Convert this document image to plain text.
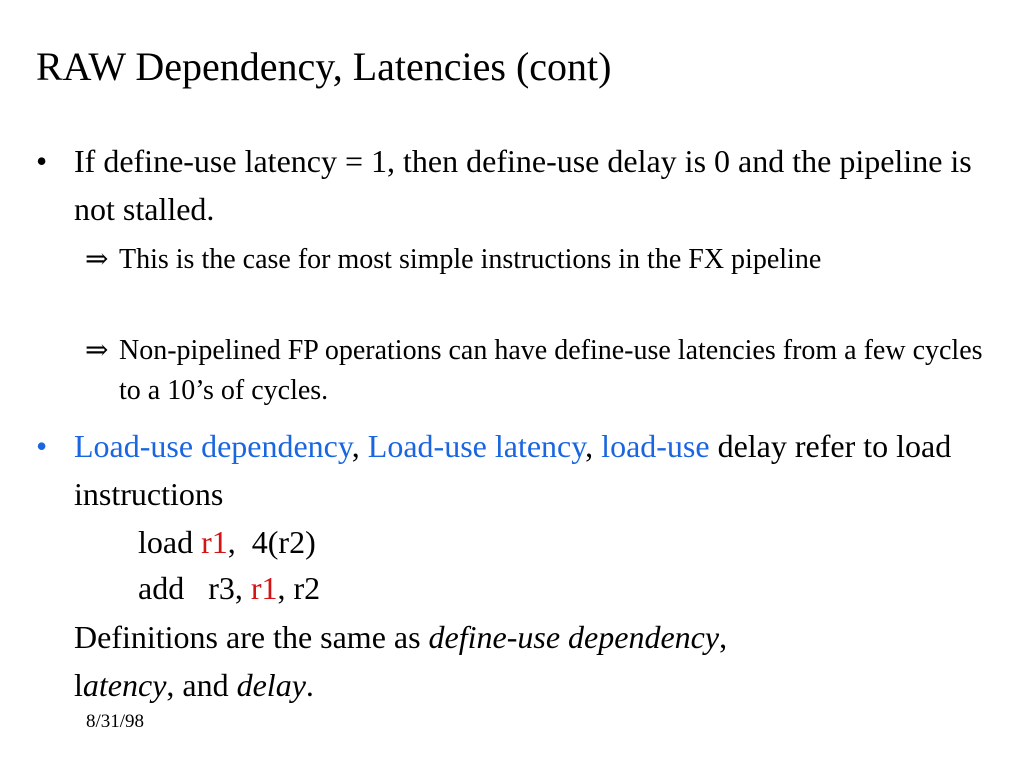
RAW Dependency, Latencies (cont)
• If define-use latency = 1, then define-use delay is 0 and the pipeline is not stalled.
⇒ This is the case for most simple instructions in the FX pipeline
⇒ Non-pipelined FP operations can have define-use latencies from a few cycles to a 10’s of cycles.
• Load-use dependency, Load-use latency, load-use delay refer to load instructions
load r1,  4(r2)
add   r3, r1, r2
Definitions are the same as define-use dependency,
latency, and delay.
8/31/98
